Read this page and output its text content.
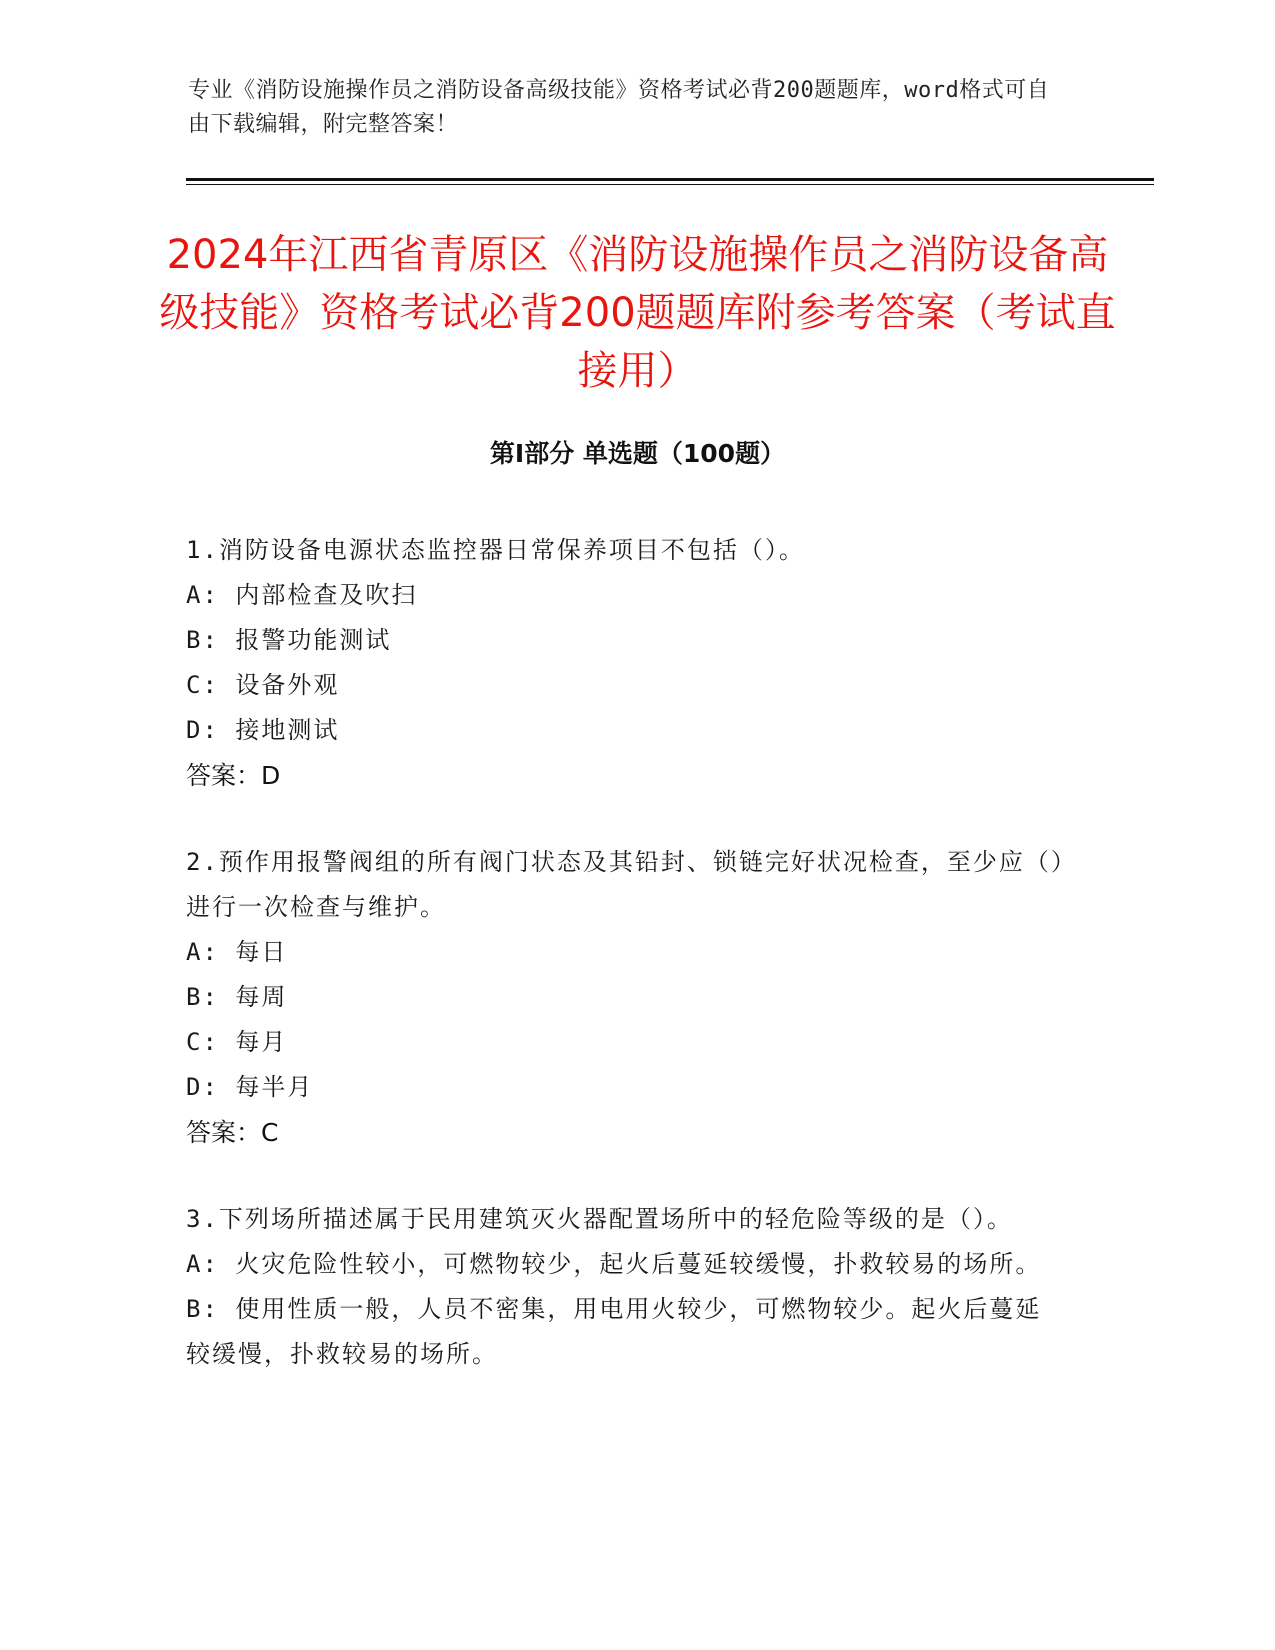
专业《消防设施操作员之消防设备高级技能》资格考试必背200题题库，word格式可自由下载编辑，附完整答案！
2024年江西省青原区《消防设施操作员之消防设备高级技能》资格考试必背200题题库附参考答案（考试直接用）
第Ⅰ部分 单选题（100题）

1.消防设备电源状态监控器日常保养项目不包括（）。

A: 内部检查及吹扫

B: 报警功能测试

C: 设备外观

D: 接地测试

答案：D

2.预作用报警阀组的所有阀门状态及其铅封、锁链完好状况检查，至少应（）进行一次检查与维护。

A: 每日

B: 每周

C: 每月

D: 每半月

答案：C

3.下列场所描述属于民用建筑灭火器配置场所中的轻危险等级的是（）。

A: 火灾危险性较小，可燃物较少，起火后蔓延较缓慢，扑救较易的场所。

B: 使用性质一般，人员不密集，用电用火较少，可燃物较少。起火后蔓延较缓慢，扑救较易的场所。
